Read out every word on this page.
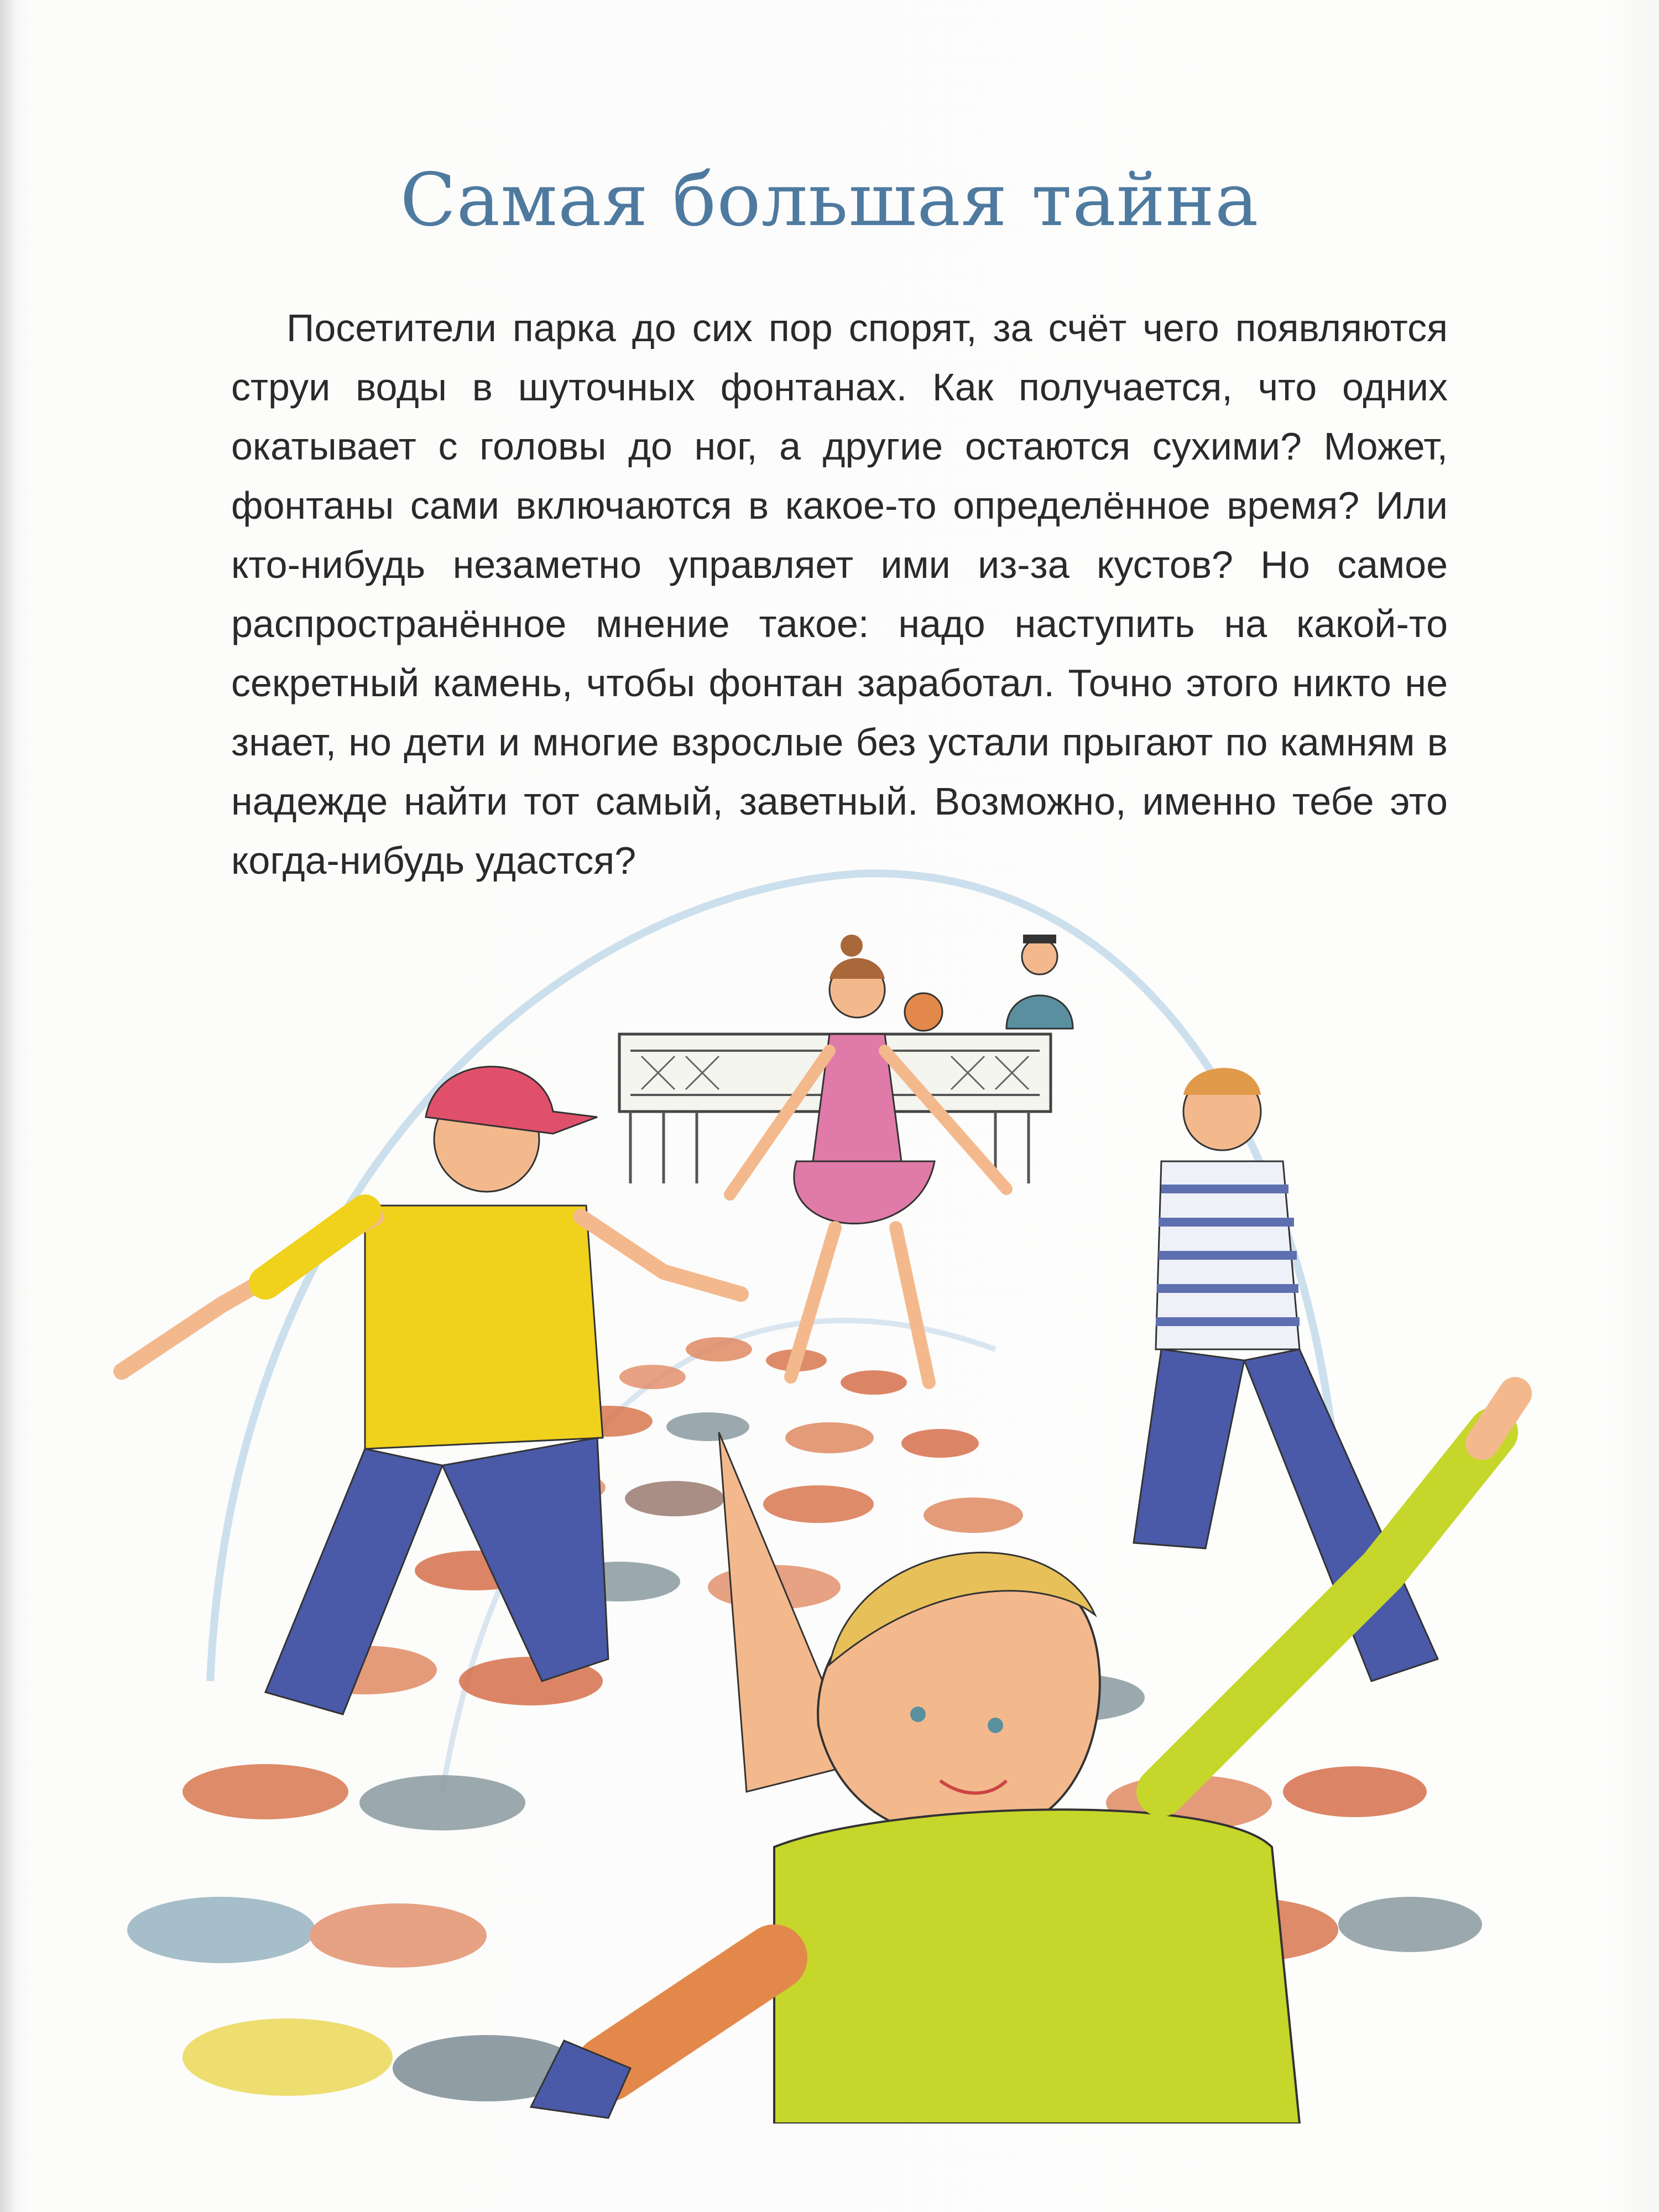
Самая большая тайна

Посетители парка до сих пор спорят, за счёт чего появляются струи воды в шуточных фонтанах. Как получается, что одних окатывает с головы до ног, а другие остаются сухими? Может, фонтаны сами включаются в какое-то определённое время? Или кто-нибудь незаметно управляет ими из-за кустов? Но самое распространённое мнение такое: надо наступить на какой-то секретный камень, чтобы фонтан заработал. Точно этого никто не знает, но дети и многие взрослые без устали прыгают по камням в надежде найти тот самый, заветный. Возможно, именно тебе это когда-нибудь удастся?
